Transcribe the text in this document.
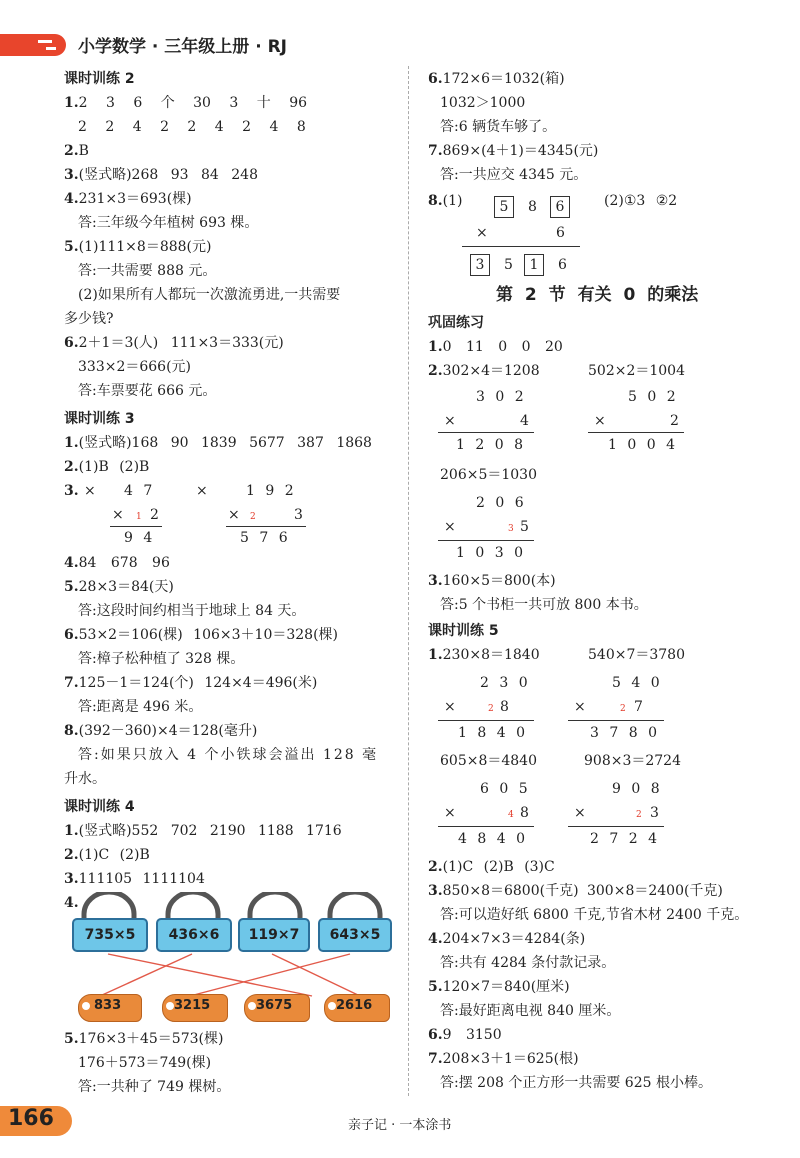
小学数学 · 三年级上册 · RJ
课时训练 2
1.2 3 6 个 30 3 十 96
2 2 4 2 2 4 2 4 8
2.B
3.(竖式略)268 93 84 248
4.231×3＝693(棵)
答:三年级今年植树 693 棵。
5.(1)111×8＝888(元)
答:一共需要 888 元。
(2)如果所有人都玩一次激流勇进,一共需要
多少钱?
6.2＋1＝3(人) 111×3＝333(元)
333×2＝666(元)
答:车票要花 666 元。
课时训练 3
1.(竖式略)168 90 1839 5677 387 1868
2.(1)B (2)B
3. × 4 7
× 1 2
9 4
×	1 9 2
× 2	3
5 7 6
4.84 678 96
5.28×3＝84(天)
答:这段时间约相当于地球上 84 天。
6.53×2＝106(棵) 106×3＋10＝328(棵)
答:樟子松种植了 328 棵。
7.125－1＝124(个) 124×4＝496(米)
答:距离是 496 米。
8.(392－360)×4＝128(毫升)
答:如果只放入 4 个小铁球会溢出 128 毫
升水。
课时训练 4
1.(竖式略)552 702 2190 1188 1716
2.(1)C (2)B
3.111105 1111104
4.
735×5	436×6	119×7	643×5
833	3215	3675	2616
5.176×3＋45＝573(棵)
176＋573＝749(棵)
答:一共种了 749 棵树。
6.172×6＝1032(箱)
1032＞1000
答:6 辆货车够了。
7.869×(4＋1)＝4345(元)
答:一共应交 4345 元。
8.(1)	5	8	6	(2)①3 ②2
×	6
3	5	1	6
第 2 节 有关 0 的乘法
巩固练习
1.0 11 0 0 20
2.302×4＝1208	502×2＝1004
3 0 2
×	4
1 2 0 8
5 0 2
×	2
1 0 0 4
206×5＝1030
2 0 6
×	3 5
1 0 3 0
3.160×5＝800(本)
答:5 个书柜一共可放 800 本书。
课时训练 5
1.230×8＝1840	540×7＝3780
2 3 0
×	2 8
1 8 4 0
5 4 0
×	2 7
3 7 8 0
605×8＝4840	908×3＝2724
6 0 5
×	4 8
4 8 4 0
9 0 8
×	2 3
2 7 2 4
2.(1)C (2)B (3)C
3.850×8＝6800(千克) 300×8＝2400(千克)
答:可以造好纸 6800 千克,节省木材 2400 千克。
4.204×7×3＝4284(条)
答:共有 4284 条付款记录。
5.120×7＝840(厘米)
答:最好距离电视 840 厘米。
6.9 3150
7.208×3＋1＝625(根)
答:摆 208 个正方形一共需要 625 根小棒。
166	亲子记 · 一本涂书
